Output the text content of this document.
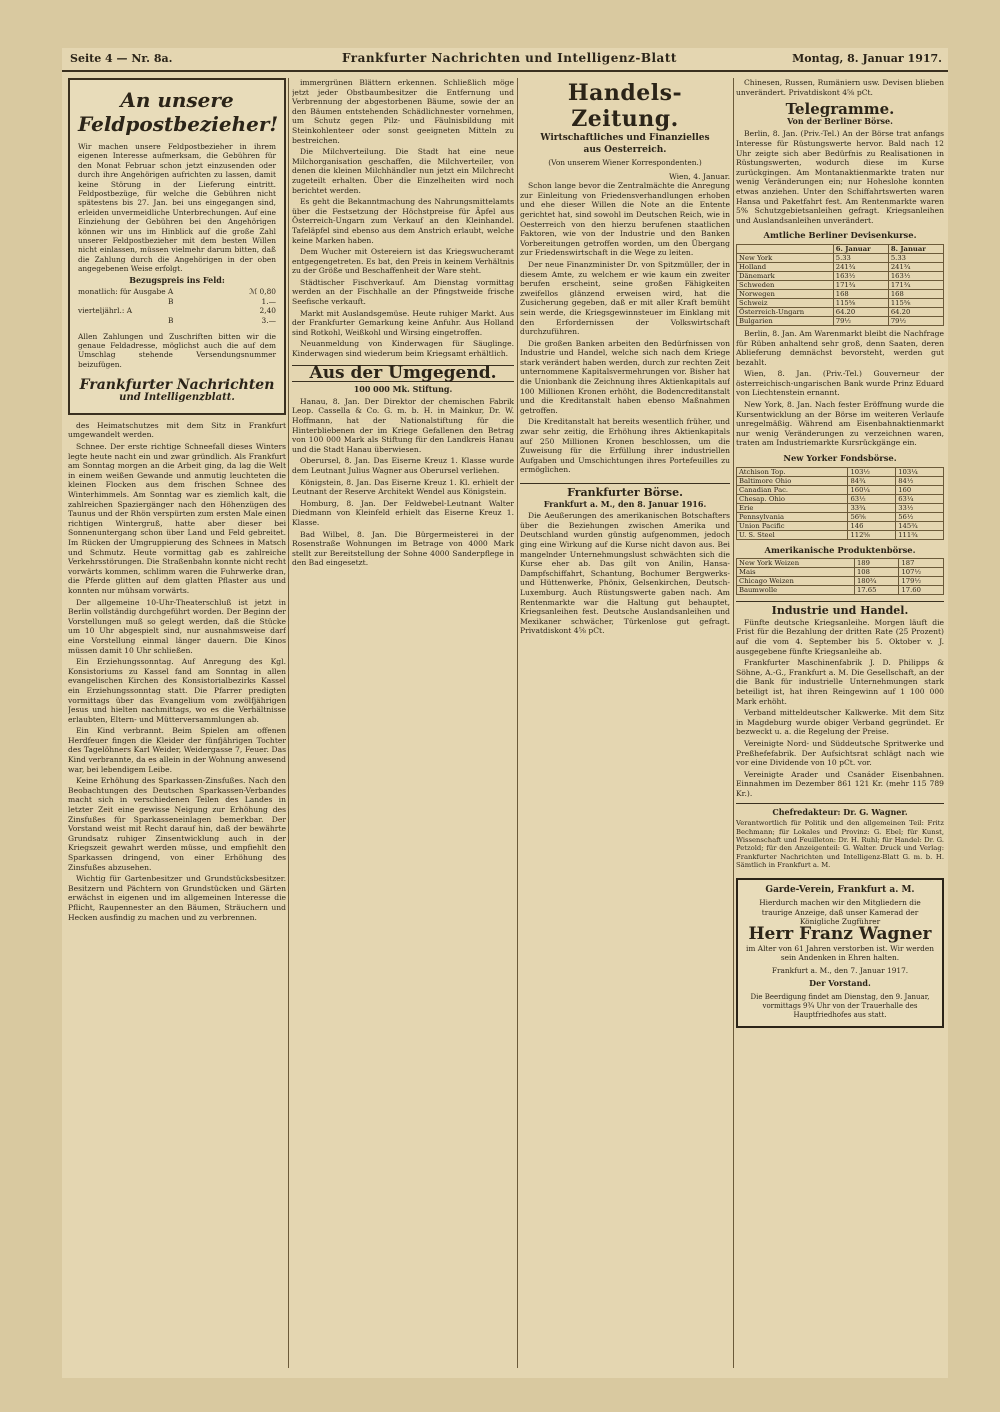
Seite 4 — Nr. 8a.	Frankfurter Nachrichten und Intelligenz-Blatt	Montag, 8. Januar 1917.
An unsere
Feldpostbezieher!
Wir machen unsere Feldpostbezieher in ihrem eigenen Interesse aufmerksam, die Gebühren für den Monat Februar schon jetzt einzusenden oder durch ihre Angehörigen aufrichten zu lassen, damit keine Störung in der Lieferung eintritt. Feldpostbezüge, für welche die Gebühren nicht spätestens bis 27. Jan. bei uns eingegangen sind, erleiden unvermeidliche Unterbrechungen. Auf eine Einziehung der Gebühren bei den Angehörigen können wir uns im Hinblick auf die große Zahl unserer Feldpostbezieher mit dem besten Willen nicht einlassen, müssen vielmehr darum bitten, daß die Zahlung durch die Angehörigen in der oben angegebenen Weise erfolgt.
Bezugspreis ins Feld:
monatlich: für Ausgabe A	ℳ 0,80
B	1.—
vierteljährl.: A	2,40
B	3.—
Allen Zahlungen und Zuschriften bitten wir die genaue Feldadresse, möglichst auch die auf dem Umschlag stehende Versendungsnummer beizufügen.
Frankfurter Nachrichten
und Intelligenzblatt.

des Heimatschutzes mit dem Sitz in Frankfurt umgewandelt werden.

Schnee. Der erste richtige Schneefall dieses Winters legte heute nacht ein und zwar gründlich. Als Frankfurt am Sonntag morgen an die Arbeit ging, da lag die Welt in einem weißen Gewande und anmutig leuchteten die kleinen Flocken aus dem frischen Schnee des Winterhimmels. Am Sonntag war es ziemlich kalt, die zahlreichen Spaziergänger nach den Höhenzügen des Taunus und der Rhön verspürten zum ersten Male einen richtigen Wintergruß, hatte aber dieser bei Sonnenuntergang schon über Land und Feld gebreitet. Im Rücken der Umgruppierung des Schnees in Matsch und Schmutz. Heute vormittag gab es zahlreiche Verkehrsstörungen. Die Straßenbahn konnte nicht recht vorwärts kommen, schlimm waren die Fuhrwerke dran, die Pferde glitten auf dem glatten Pflaster aus und konnten nur mühsam vorwärts.

Der allgemeine 10-Uhr-Theaterschluß ist jetzt in Berlin vollständig durchgeführt worden. Der Beginn der Vorstellungen muß so gelegt werden, daß die Stücke um 10 Uhr abgespielt sind, nur ausnahmsweise darf eine Vorstellung einmal länger dauern. Die Kinos müssen damit 10 Uhr schließen.

Ein Erziehungssonntag. Auf Anregung des Kgl. Konsistoriums zu Kassel fand am Sonntag in allen evangelischen Kirchen des Konsistorialbezirks Kassel ein Erziehungssonntag statt. Die Pfarrer predigten vormittags über das Evangelium vom zwölfjährigen Jesus und hielten nachmittags, wo es die Verhältnisse erlaubten, Eltern- und Mütterversammlungen ab.

Ein Kind verbrannt. Beim Spielen am offenen Herdfeuer fingen die Kleider der fünfjährigen Tochter des Tagelöhners Karl Weider, Weidergasse 7, Feuer. Das Kind verbrannte, da es allein in der Wohnung anwesend war, bei lebendigem Leibe.

Keine Erhöhung des Sparkassen-Zinsfußes. Nach den Beobachtungen des Deutschen Sparkassen-Verbandes macht sich in verschiedenen Teilen des Landes in letzter Zeit eine gewisse Neigung zur Erhöhung des Zinsfußes für Sparkasseneinlagen bemerkbar. Der Vorstand weist mit Recht darauf hin, daß der bewährte Grundsatz ruhiger Zinsentwicklung auch in der Kriegszeit gewahrt werden müsse, und empfiehlt den Sparkassen dringend, von einer Erhöhung des Zinsfußes abzusehen.

Wichtig für Gartenbesitzer und Grundstücksbesitzer. Besitzern und Pächtern von Grundstücken und Gärten erwächst in eigenen und im allgemeinen Interesse die Pflicht, Raupennester an den Bäumen, Sträuchern und Hecken ausfindig zu machen und zu verbrennen.

immergrünen Blättern erkennen. Schließlich möge jetzt jeder Obstbaumbesitzer die Entfernung und Verbrennung der abgestorbenen Bäume, sowie der an den Bäumen entstehenden Schädlichnester vornehmen, um Schutz gegen Pilz- und Fäulnisbildung mit Steinkohlenteer oder sonst geeigneten Mitteln zu bestreichen.

Die Milchverteilung. Die Stadt hat eine neue Milchorganisation geschaffen, die Milchverteiler, von denen die kleinen Milchhändler nun jetzt ein Milchrecht zugeteilt erhalten. Über die Einzelheiten wird noch berichtet werden.

Es geht die Bekanntmachung des Nahrungsmittelamts über die Festsetzung der Höchstpreise für Äpfel aus Österreich-Ungarn zum Verkauf an den Kleinhandel. Tafeläpfel sind ebenso aus dem Anstrich erlaubt, welche keine Marken haben.

Dem Wucher mit Ostereiern ist das Kriegswucheramt entgegengetreten. Es bat, den Preis in keinem Verhältnis zu der Größe und Beschaffenheit der Ware steht.

Städtischer Fischverkauf. Am Dienstag vormittag werden an der Fischhalle an der Pfingstweide frische Seefische verkauft.

Markt mit Auslandsgemüse. Heute ruhiger Markt. Aus der Frankfurter Gemarkung keine Anfuhr. Aus Holland sind Rotkohl, Weißkohl und Wirsing eingetroffen.

Neuanmeldung von Kinderwagen für Säuglinge. Kinderwagen sind wiederum beim Kriegsamt erhältlich.

Aus der Umgegend.
100 000 Mk. Stiftung.

Hanau, 8. Jan. Der Direktor der chemischen Fabrik Leop. Cassella & Co. G. m. b. H. in Mainkur, Dr. W. Hoffmann, hat der Nationalstiftung für die Hinterbliebenen der im Kriege Gefallenen den Betrag von 100 000 Mark als Stiftung für den Landkreis Hanau und die Stadt Hanau überwiesen.

Oberursel, 8. Jan. Das Eiserne Kreuz 1. Klasse wurde dem Leutnant Julius Wagner aus Oberursel verliehen.

Königstein, 8. Jan. Das Eiserne Kreuz 1. Kl. erhielt der Leutnant der Reserve Architekt Wendel aus Königstein.

Homburg, 8. Jan. Der Feldwebel-Leutnant Walter Diedmann von Kleinfeld erhielt das Eiserne Kreuz 1. Klasse.

Bad Wilbel, 8. Jan. Die Bürgermeisterei in der Rosenstraße Wohnungen im Betrage von 4000 Mark stellt zur Bereitstellung der Sohne 4000 Sanderpflege in den Bad eingesetzt.

Handels-Zeitung.
Wirtschaftliches und Finanzielles
aus Oesterreich.
(Von unserem Wiener Korrespondenten.)
Wien, 4. Januar.

Schon lange bevor die Zentralmächte die Anregung zur Einleitung von Friedensverhandlungen erhoben und ehe dieser Willen die Note an die Entente gerichtet hat, sind sowohl im Deutschen Reich, wie in Oesterreich von den hierzu berufenen staatlichen Faktoren, wie von der Industrie und den Banken Vorbereitungen getroffen worden, um den Übergang zur Friedenswirtschaft in die Wege zu leiten.

Der neue Finanzminister Dr. von Spitzmüller, der in diesem Amte, zu welchem er wie kaum ein zweiter berufen erscheint, seine großen Fähigkeiten zweifellos glänzend erweisen wird, hat die Zusicherung gegeben, daß er mit aller Kraft bemüht sein werde, die Kriegsgewinnsteuer im Einklang mit den Erfordernissen der Volkswirtschaft durchzuführen.

Die großen Banken arbeiten den Bedürfnissen von Industrie und Handel, welche sich nach dem Kriege stark verändert haben werden, durch zur rechten Zeit unternommene Kapitalsvermehrungen vor. Bisher hat die Unionbank die Zeichnung ihres Aktienkapitals auf 100 Millionen Kronen erhöht, die Bodencreditanstalt und die Kreditanstalt haben ebenso Maßnahmen getroffen.

Die Kreditanstalt hat bereits wesentlich früher, und zwar sehr zeitig, die Erhöhung ihres Aktienkapitals auf 250 Millionen Kronen beschlossen, um die Zuweisung für die Erfüllung ihrer industriellen Aufgaben und Umschichtungen ihres Portefeuilles zu ermöglichen.

Frankfurter Börse.
Frankfurt a. M., den 8. Januar 1916.

Die Aeußerungen des amerikanischen Botschafters über die Beziehungen zwischen Amerika und Deutschland wurden günstig aufgenommen, jedoch ging eine Wirkung auf die Kurse nicht davon aus. Bei mangelnder Unternehmungslust schwächten sich die Kurse eher ab. Das gilt von Anilin, Hansa-Dampfschiffahrt, Schantung, Bochumer Bergwerks- und Hüttenwerke, Phönix, Gelsenkirchen, Deutsch-Luxemburg. Auch Rüstungswerte gaben nach. Am Rentenmarkte war die Haltung gut behauptet, Kriegsanleihen fest. Deutsche Auslandsanleihen und Mexikaner schwächer, Türkenlose gut gefragt. Privatdiskont 4⅝ pCt.

Chinesen, Russen, Rumäniern usw. Devisen blieben unverändert. Privatdiskont 4⅝ pCt.

Telegramme.
Von der Berliner Börse.

Berlin, 8. Jan. (Priv.-Tel.) An der Börse trat anfangs Interesse für Rüstungswerte hervor. Bald nach 12 Uhr zeigte sich aber Bedürfnis zu Realisationen in Rüstungswerten, wodurch diese im Kurse zurückgingen. Am Montanaktienmarkte traten nur wenig Veränderungen ein; nur Hoheslohe konnten etwas anziehen. Unter den Schiffahrtswerten waren Hansa und Paketfahrt fest. Am Rentenmarkte waren 5% Schutzgebietsanleihen gefragt. Kriegsanleihen und Auslandsanleihen unverändert.

Amtliche Berliner Devisenkurse.
	6. Januar	8. Januar
New York	5.33	5.33
Holland	241¾	241¾
Dänemark	163½	163½
Schweden	171¾	171¾
Norwegen	168	168
Schweiz	115⅝	115⅝
Österreich-Ungarn	64.20	64.20
Bulgarien	79½	79½

Berlin, 8. Jan. Am Warenmarkt bleibt die Nachfrage für Rüben anhaltend sehr groß, denn Saaten, deren Ablieferung demnächst bevorsteht, werden gut bezahlt.

Wien, 8. Jan. (Priv.-Tel.) Gouverneur der österreichisch-ungarischen Bank wurde Prinz Eduard von Liechtenstein ernannt.

New York, 8. Jan. Nach fester Eröffnung wurde die Kursentwicklung an der Börse im weiteren Verlaufe unregelmäßig. Während am Eisenbahnaktienmarkt nur wenig Veränderungen zu verzeichnen waren, traten am Industriemarkte Kursrückgänge ein.

New Yorker Fondsbörse.
Atchison Top.	103½	103¼
Baltimore Ohio	84¾	84½
Canadian Pac.	160¼	160
Chesap. Ohio	63½	63¼
Erie	33¾	33½
Pennsylvania	56⅝	56½
Union Pacific	146	145¾
U. S. Steel	112⅝	111¾
Amerikanische Produktenbörse.
New York Weizen	189	187
Mais	108	107½
Chicago Weizen	180¾	179½
Baumwolle	17.65	17.60
Industrie und Handel.

Fünfte deutsche Kriegsanleihe. Morgen läuft die Frist für die Bezahlung der dritten Rate (25 Prozent) auf die vom 4. September bis 5. Oktober v. J. ausgegebene fünfte Kriegsanleihe ab.

Frankfurter Maschinenfabrik J. D. Philipps & Söhne, A.-G., Frankfurt a. M. Die Gesellschaft, an der die Bank für industrielle Unternehmungen stark beteiligt ist, hat ihren Reingewinn auf 1 100 000 Mark erhöht.

Verband mitteldeutscher Kalkwerke. Mit dem Sitz in Magdeburg wurde obiger Verband gegründet. Er bezweckt u. a. die Regelung der Preise.

Vereinigte Nord- und Süddeutsche Spritwerke und Preßhefefabrik. Der Aufsichtsrat schlägt nach wie vor eine Dividende von 10 pCt. vor.

Vereinigte Arader und Csanáder Eisenbahnen. Einnahmen im Dezember 861 121 Kr. (mehr 115 789 Kr.).

Chefredakteur: Dr. G. Wagner.
Verantwortlich für Politik und den allgemeinen Teil: Fritz Bechmann; für Lokales und Provinz: G. Ebel; für Kunst, Wissenschaft und Feuilleton: Dr. H. Ruhl; für Handel: Dr. G. Petzold; für den Anzeigenteil: G. Walter. Druck und Verlag: Frankfurter Nachrichten und Intelligenz-Blatt G. m. b. H. Sämtlich in Frankfurt a. M.
Garde-Verein, Frankfurt a. M.
Hierdurch machen wir den Mitgliedern die traurige Anzeige, daß unser Kamerad der Königliche Zugführer
Herr Franz Wagner
im Alter von 61 Jahren verstorben ist. Wir werden sein Andenken in Ehren halten.
Frankfurt a. M., den 7. Januar 1917.
Der Vorstand.
Die Beerdigung findet am Dienstag, den 9. Januar, vormittags 9¾ Uhr von der Trauerhalle des Hauptfriedhofes aus statt.
